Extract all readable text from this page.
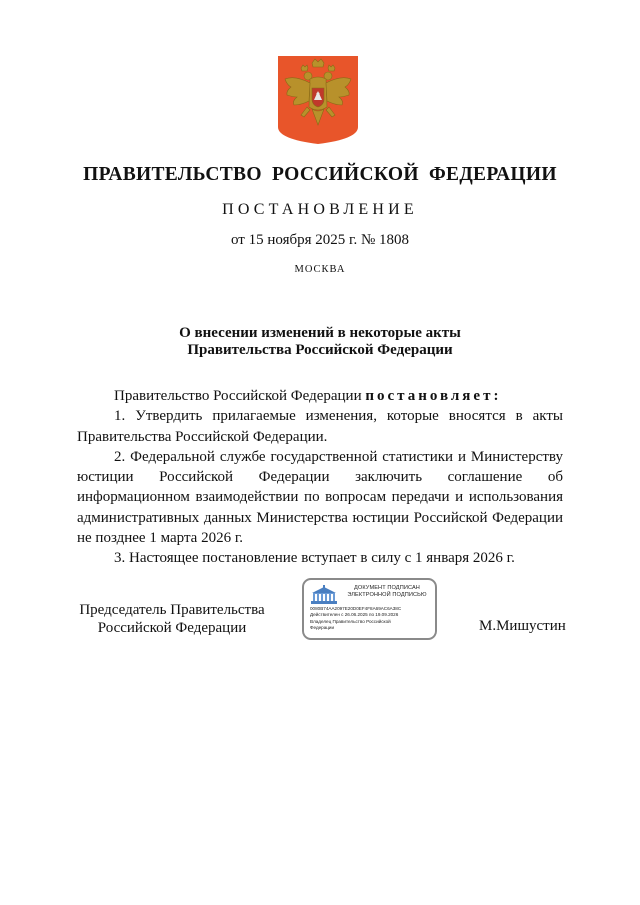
ПРАВИТЕЛЬСТВО РОССИЙСКОЙ ФЕДЕРАЦИИ
ПОСТАНОВЛЕНИЕ
от 15 ноября 2025 г. № 1808
МОСКВА
О внесении изменений в некоторые акты
Правительства Российской Федерации

Правительство Российской Федерации постановляет:

1. Утвердить прилагаемые изменения, которые вносятся в акты Правительства Российской Федерации.

2. Федеральной службе государственной статистики и Министерству юстиции Российской Федерации заключить соглашение об информационном взаимодействии по вопросам передачи и использования административных данных Министерства юстиции Российской Федерации не позднее 1 марта 2026 г.

3. Настоящее постановление вступает в силу с 1 января 2026 г.

Председатель Правительства
Российской Федерации
ДОКУМЕНТ ПОДПИСАН
ЭЛЕКТРОННОЙ ПОДПИСЬЮ
0080B74AA2097E20D0EF4F8A69AC6A38C
Действителен с 26.06.2025 по 19.09.2026
Владелец Правительство Российской
Федерации	М.Мишустин
